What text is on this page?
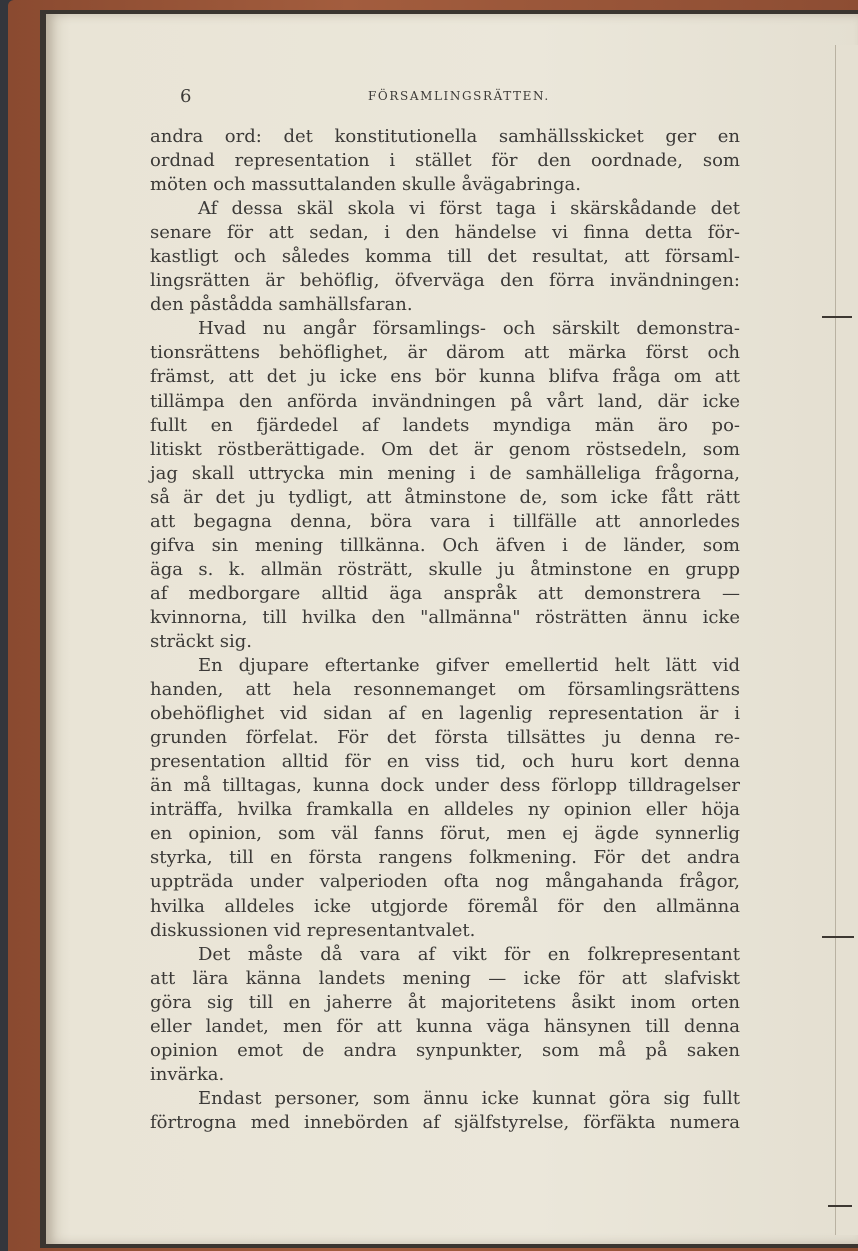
6	FÖRSAMLINGSRÄTTEN.
andra ord: det konstitutionella samhällsskicket ger en
ordnad representation i stället för den oordnade, som
möten och massuttalanden skulle åvägabringa.
Af dessa skäl skola vi först taga i skärskådande det
senare för att sedan, i den händelse vi finna detta för-
kastligt och således komma till det resultat, att församl-
lingsrätten är behöflig, öfverväga den förra invändningen:
den påstådda samhällsfaran.
Hvad nu angår församlings- och särskilt demonstra-
tionsrättens behöflighet, är därom att märka först och
främst, att det ju icke ens bör kunna blifva fråga om att
tillämpa den anförda invändningen på vårt land, där icke
fullt en fjärdedel af landets myndiga män äro po-
litiskt röstberättigade. Om det är genom röstsedeln, som
jag skall uttrycka min mening i de samhälleliga frågorna,
så är det ju tydligt, att åtminstone de, som icke fått rätt
att begagna denna, böra vara i tillfälle att annorledes
gifva sin mening tillkänna. Och äfven i de länder, som
äga s. k. allmän rösträtt, skulle ju åtminstone en grupp
af medborgare alltid äga anspråk att demonstrera —
kvinnorna, till hvilka den "allmänna" rösträtten ännu icke
sträckt sig.
En djupare eftertanke gifver emellertid helt lätt vid
handen, att hela resonnemanget om församlingsrättens
obehöflighet vid sidan af en lagenlig representation är i
grunden förfelat. För det första tillsättes ju denna re-
presentation alltid för en viss tid, och huru kort denna
än må tilltagas, kunna dock under dess förlopp tilldragelser
inträffa, hvilka framkalla en alldeles ny opinion eller höja
en opinion, som väl fanns förut, men ej ägde synnerlig
styrka, till en första rangens folkmening. För det andra
uppträda under valperioden ofta nog mångahanda frågor,
hvilka alldeles icke utgjorde föremål för den allmänna
diskussionen vid representantvalet.
Det måste då vara af vikt för en folkrepresentant
att lära känna landets mening — icke för att slafviskt
göra sig till en jaherre åt majoritetens åsikt inom orten
eller landet, men för att kunna väga hänsynen till denna
opinion emot de andra synpunkter, som må på saken
invärka.
Endast personer, som ännu icke kunnat göra sig fullt
förtrogna med innebörden af själfstyrelse, förfäkta numera
